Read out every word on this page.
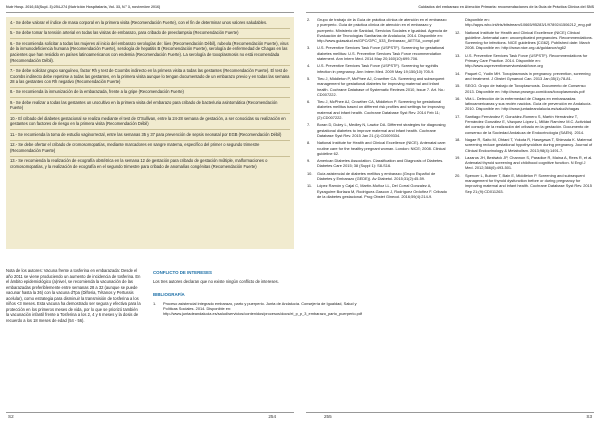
Nutr Hosp. 2016;33(Supl. 3):254-274 (Nutrición Hospitalaria, Vol. 33, N.º 3, noviembre 2016)
4.- Se debe valorar el índice de masa corporal en la primera visita (Recomendación Fuerte), con el fin de determinar unos valores saludables.
5.- Se debe tomar la tensión arterial en todas las visitas de embarazo, para cribado de preeclampsia (Recomendación Fuerte)
6.- Se recomienda solicitar a todas las mujeres al inicio del embarazo serologías de: lúes (Recomendación Débil), rubeola (Recomendación Fuerte), virus de la inmunodeficiencia humana (Recomendación Fuerte), serología de hepatitis B (Recomendación Fuerte), serología de enfermedad de Chagas en las pacientes que han residido en países latinoamericanos con endemia (Recomendación Fuerte). La serología de toxoplasmosis no está recomendada (Recomendación Débil).
7.- Se debe solicitar grupo sanguíneo, factor Rh y test de Coombs indirecto en la primera visita a todas las gestantes (Recomendación Fuerte). El test de Coombs indirecto debe repetirse a todas las gestantes, en la primera visita aunque lo tengan documentado de un embarazo previo y en todas las semana 28 a las gestantes con Rh negativo (Recomendación Fuerte)
8.- Se recomienda la inmunización de la embarazada, frente a la gripe (Recomendación Fuerte)
9.- Se debe realizar a todas las gestantes un urocultivo en la primera visita del embarazo para cribado de bacteriuria asintomática (Recomendación Fuerte)
10.- El cribado del diabetes gestacional se realiza mediante el test de O'Sullivan, entre la 24-28 semana de gestación, a ser conocidas su realización en gestantes con factores de riesgo en la primera visita (Recomendación Débil)
11.- Se recomienda la toma de estudio vaginorrectal, entre las semanas 35 y 37 para prevención de sepsis neonatal por EGB (Recomendación Débil)
12.- Se debe ofertar el cribado de cromosomopatías, mediante marcadores en sangre materna, específico del primer o segundo trimestre (Recomendación Fuerte)
13.- Se recomienda la realización de ecografía obstétrica en la semana 12 de gestación para cribado de gestación múltiple, malformaciones o cromosomopatías, y la realización de ecografía en el segundo trimestre para cribado de anomalías congénitas (Recomendación Fuerte)
Nota de los autores: Vacuna frente a tosferina en embarazada: Desde el año 2011 se viene produciendo un aumento de incidencia de tosferina. En el ámbito epidemiológico (a)nivel, se recomienda la vacunación de las embarazadas preferiblemente entre semanas 28 a 32 (aunque se puede vacunar hasta la 36) con la vacuna dTpa (Difteria, Tétanos y Pertussis acelular), como estrategia para disminuir la transmisión de tosferina a los niños <3 meses. Esta vacuna ha demostrado ser segura y efectiva para la protección en los primeros meses de vida, por lo que se priorizó también la vacunación infantil frente a Tosferina a los 2, 4 y 6 meses y la dosis de recuerdo a los 18 meses de edad (54 - 56).
CONFLICTO DE INTERESES
Los tres autores declaran que no existe ningún conflicto de intereses.
BIBLIOGRAFÍA
1.	Proceso asistencial integrado embarazo, parto y puerperio. Junta de Andalucía. Consejería de Igualdad, Salud y Políticas Sociales. 2014. Disponible en: http://www.juntadeandalucia.es/salud/servicios/contenidos/procesos/docs/ei_p_p_3_embarazo_parto_puerperio.pdf
S2	254
Cuidados del embarazo en Atención Primaria: recomendaciones de la Guía de Práctica Clínica del SNS
2.	Grupo de trabajo de la Guía de práctica clínica de atención en el embarazo y puerperio. Guía de práctica clínica de atención en el embarazo y puerperio. Ministerio de Sanidad, Servicios Sociales e Igualdad. Agencia de Evaluación de Tecnologías Sanitarias de Andalucía; 2014. Disponible en: http://www.guiasalud.es/GPC/GPC_533_Embarazo_AETSA_compl.pdf
3.	U.S. Preventive Services Task Force (USPSTF). Screening for gestational diabetes mellitus: U.S. Preventive Services Task Force recommendation statement. Ann Intern Med. 2014 May 20;160(10):699-706.
4.	U.S. Preventive Services Task Force (USPSTF). Screening for syphilis infection in pregnancy. Ann Intern Med. 2009 May 19;150(10):705-9.
5.	Tieu J, Middleton P, McPhee AJ, Crowther CA. Screening and subsequent management for gestational diabetes for improving maternal and infant health. Cochrane Database of Systematic Reviews 2010, Issue 7. Art. No.: CD007222.
6.	Tieu J, McPhee AJ, Crowther CA, Middleton P. Screening for gestational diabetes mellitus based on different risk profiles and settings for improving maternal and infant health. Cochrane Database Syst Rev. 2014 Feb 11;(2):CD007222.
7.	Boran D, Duley L, Medley N, Lawlor DA. Different strategies for diagnosing gestational diabetes to improve maternal and infant health. Cochrane Database Syst Rev. 2015 Jan 21;(1):CD009334.
8.	National Institute for Health and Clinical Excellence (NICE). Antenatal care: routine care for the healthy pregnant woman. London: NICE; 2008. Clinical guideline 62.
9.	American Diabetes Association. Classification and Diagnosis of Diabetes. Diabetes Care 2015; 38 (Suppl 1): S8-S16.
10.	Guía asistencial de diabetes mellitus y embarazo (Grupo Español de Diabetes y Embarazo (GEDE)). Av Diabetol. 2015;31(2):45-59.
11.	López Ramón y Cajal C, Martín-Muñoz LL, Del Corral Gonzalez A, Eyzaguirre Borlaza M, Rodríguez-Gascon J, Rodríguez Ordoñez F. Cribado de la diabetes gestacional. Prog Obstet Ginecol. 2016;59(4):214-9.
Disponible en: http://apps.who.int/iris/bitstream/10665/95283/1/9789241506212_eng.pdf
12.	National Institute for Health and Clinical Excellence (NICE) Clinical guideline. Antenatal care: uncomplicated pregnancies. Recommendations. Screening for infections. NICE guidelines [CG62]. Published date: March 2008. Disponible en: http://www.nice.org.uk/guidance/cg62
13.	U.S. Preventive Services Task Force (USPSTF). Recommendations for Primary Care Practice. 2014. Disponible en: http://www.uspreventiveservicestaskforce.org
14.	Paquet C, Yudin MH. Toxoplasmosis in pregnancy: prevention, screening and treatment. J Obstet Gynaecol Can. 2013 Jan;35(1):78-81.
15.	SEGO. Grupo de trabajo de Toxoplasmosis. Documento de Consenso 2013. Disponible en: http://www.prosego.com/docs/toxoplasmosis.pdf
16.	Vilá L. Detección de la enfermedad de Chagas en embarazadas latinoamericanas y sus recién nacidos. Guía de prevención en Andalucía. 2010. Disponible en: http://www.juntadeandalucia.es/salud/chagas
17.	Santiago Fernández F, González-Romero S, Martín Hernández T, Fernández González E, Vázquez López L, Millán Ramírez M.C. Actividad del consejo de la realización del cribado en la gestación. Documento de consenso de la Sociedad Andaluza de Endocrinología (SAEN). 2014.
18.	Nagae R, Saito M, Ohtani T, Yokota R, Hasegawa T, Shimada K. Maternal screening reduce gestational hypothyroidism during pregnancy. Journal of Clinical Endocrinology & Metabolism. 2013;98(4):1491-7.
19.	Lazarus JH, Bestwick JP, Channon S, Paradice R, Maina A, Rees R, et al. Antenatal thyroid screening and childhood cognitive function. N Engl J Med. 2012;366(6):493-501.
20.	Spencer L, Bubner T, Bain E, Middleton P. Screening and subsequent management for thyroid dysfunction before or during pregnancy for improving maternal and infant health. Cochrane Database Syst Rev. 2015 Sep 21;(9):CD011263.
255	S3
